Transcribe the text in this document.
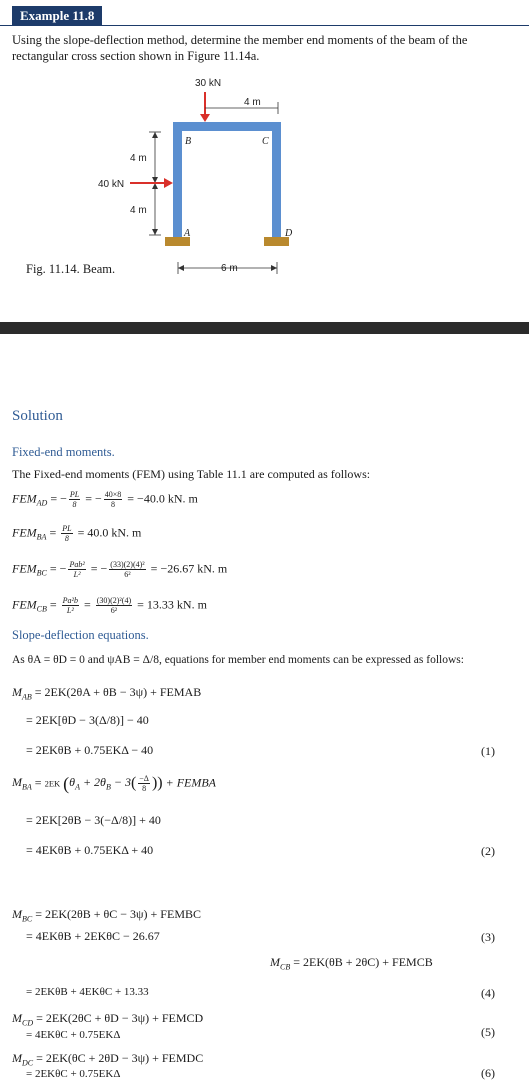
Example 11.8
Using the slope-deflection method, determine the member end moments of the beam of the rectangular cross section shown in Figure 11.14a.
30 kN
4 m
B	C
A	D
4 m
4 m
40 kN
6 m
Fig. 11.14. Beam.
Solution
Fixed-end moments.
The Fixed-end moments (FEM) using Table 11.1 are computed as follows:
$FEM_{AD}$ = − $\frac{PL}{8}$ = − $\frac{40\times 8}{8} = -40.0$ kN. m
$FEM_{BA} = \frac{PL}{8} = 40.0$ kN. m
$FEM_{BC}$ = − $\frac{\text{Pab²}}{\text{L²}}$ = − $\frac{\text{(33)(2)(4)²}}{\text{6²}} = -26.67$ kN. m
$FEM_{CB} = \frac{\text{Pa²b}}{\text{L²}} = \frac{\text{(30)(2)²(4)}}{\text{6²}} = 13.33$ kN. m
Slope-deflection equations.
As θA = θD = 0 and ψAB = Δ/8, equations for member end moments can be expressed as follows:
$M_{AB} = 2EK(2\theta A + \theta B - 3\psi)$ + FEMAB
= 2EK[θD − 3(Δ/8)] − 40
= 2EKθB + 0.75EKΔ − 40	(1)
$M_{BA} = 2EK$ ($\theta_A + 2\theta_B - 3( \frac{-\Delta}{8}$ )) + FEMBA
= 2EK[2θB − 3(−Δ/8)] + 40
= 4EKθB + 0.75EKΔ + 40	(2)
$M_{BC} = 2EK(2\theta B + \theta C - 3\psi)$ + FEMBC
= 4EKθB + 2EKθC − 26.67	(3)
$M_{CB} = 2EK(\theta B + 2\theta C)$ + FEMCB
= 2EKθB + 4EKθC + 13.33	(4)
$M_{CD} = 2EK(2\theta C + \theta D - 3\psi)$ + FEMCD
= 4EKθC + 0.75EKΔ	(5)
$M_{DC} = 2EK(\theta C + 2\theta D - 3\psi)$ + FEMDC
= 2EKθC + 0.75EKΔ	(6)
